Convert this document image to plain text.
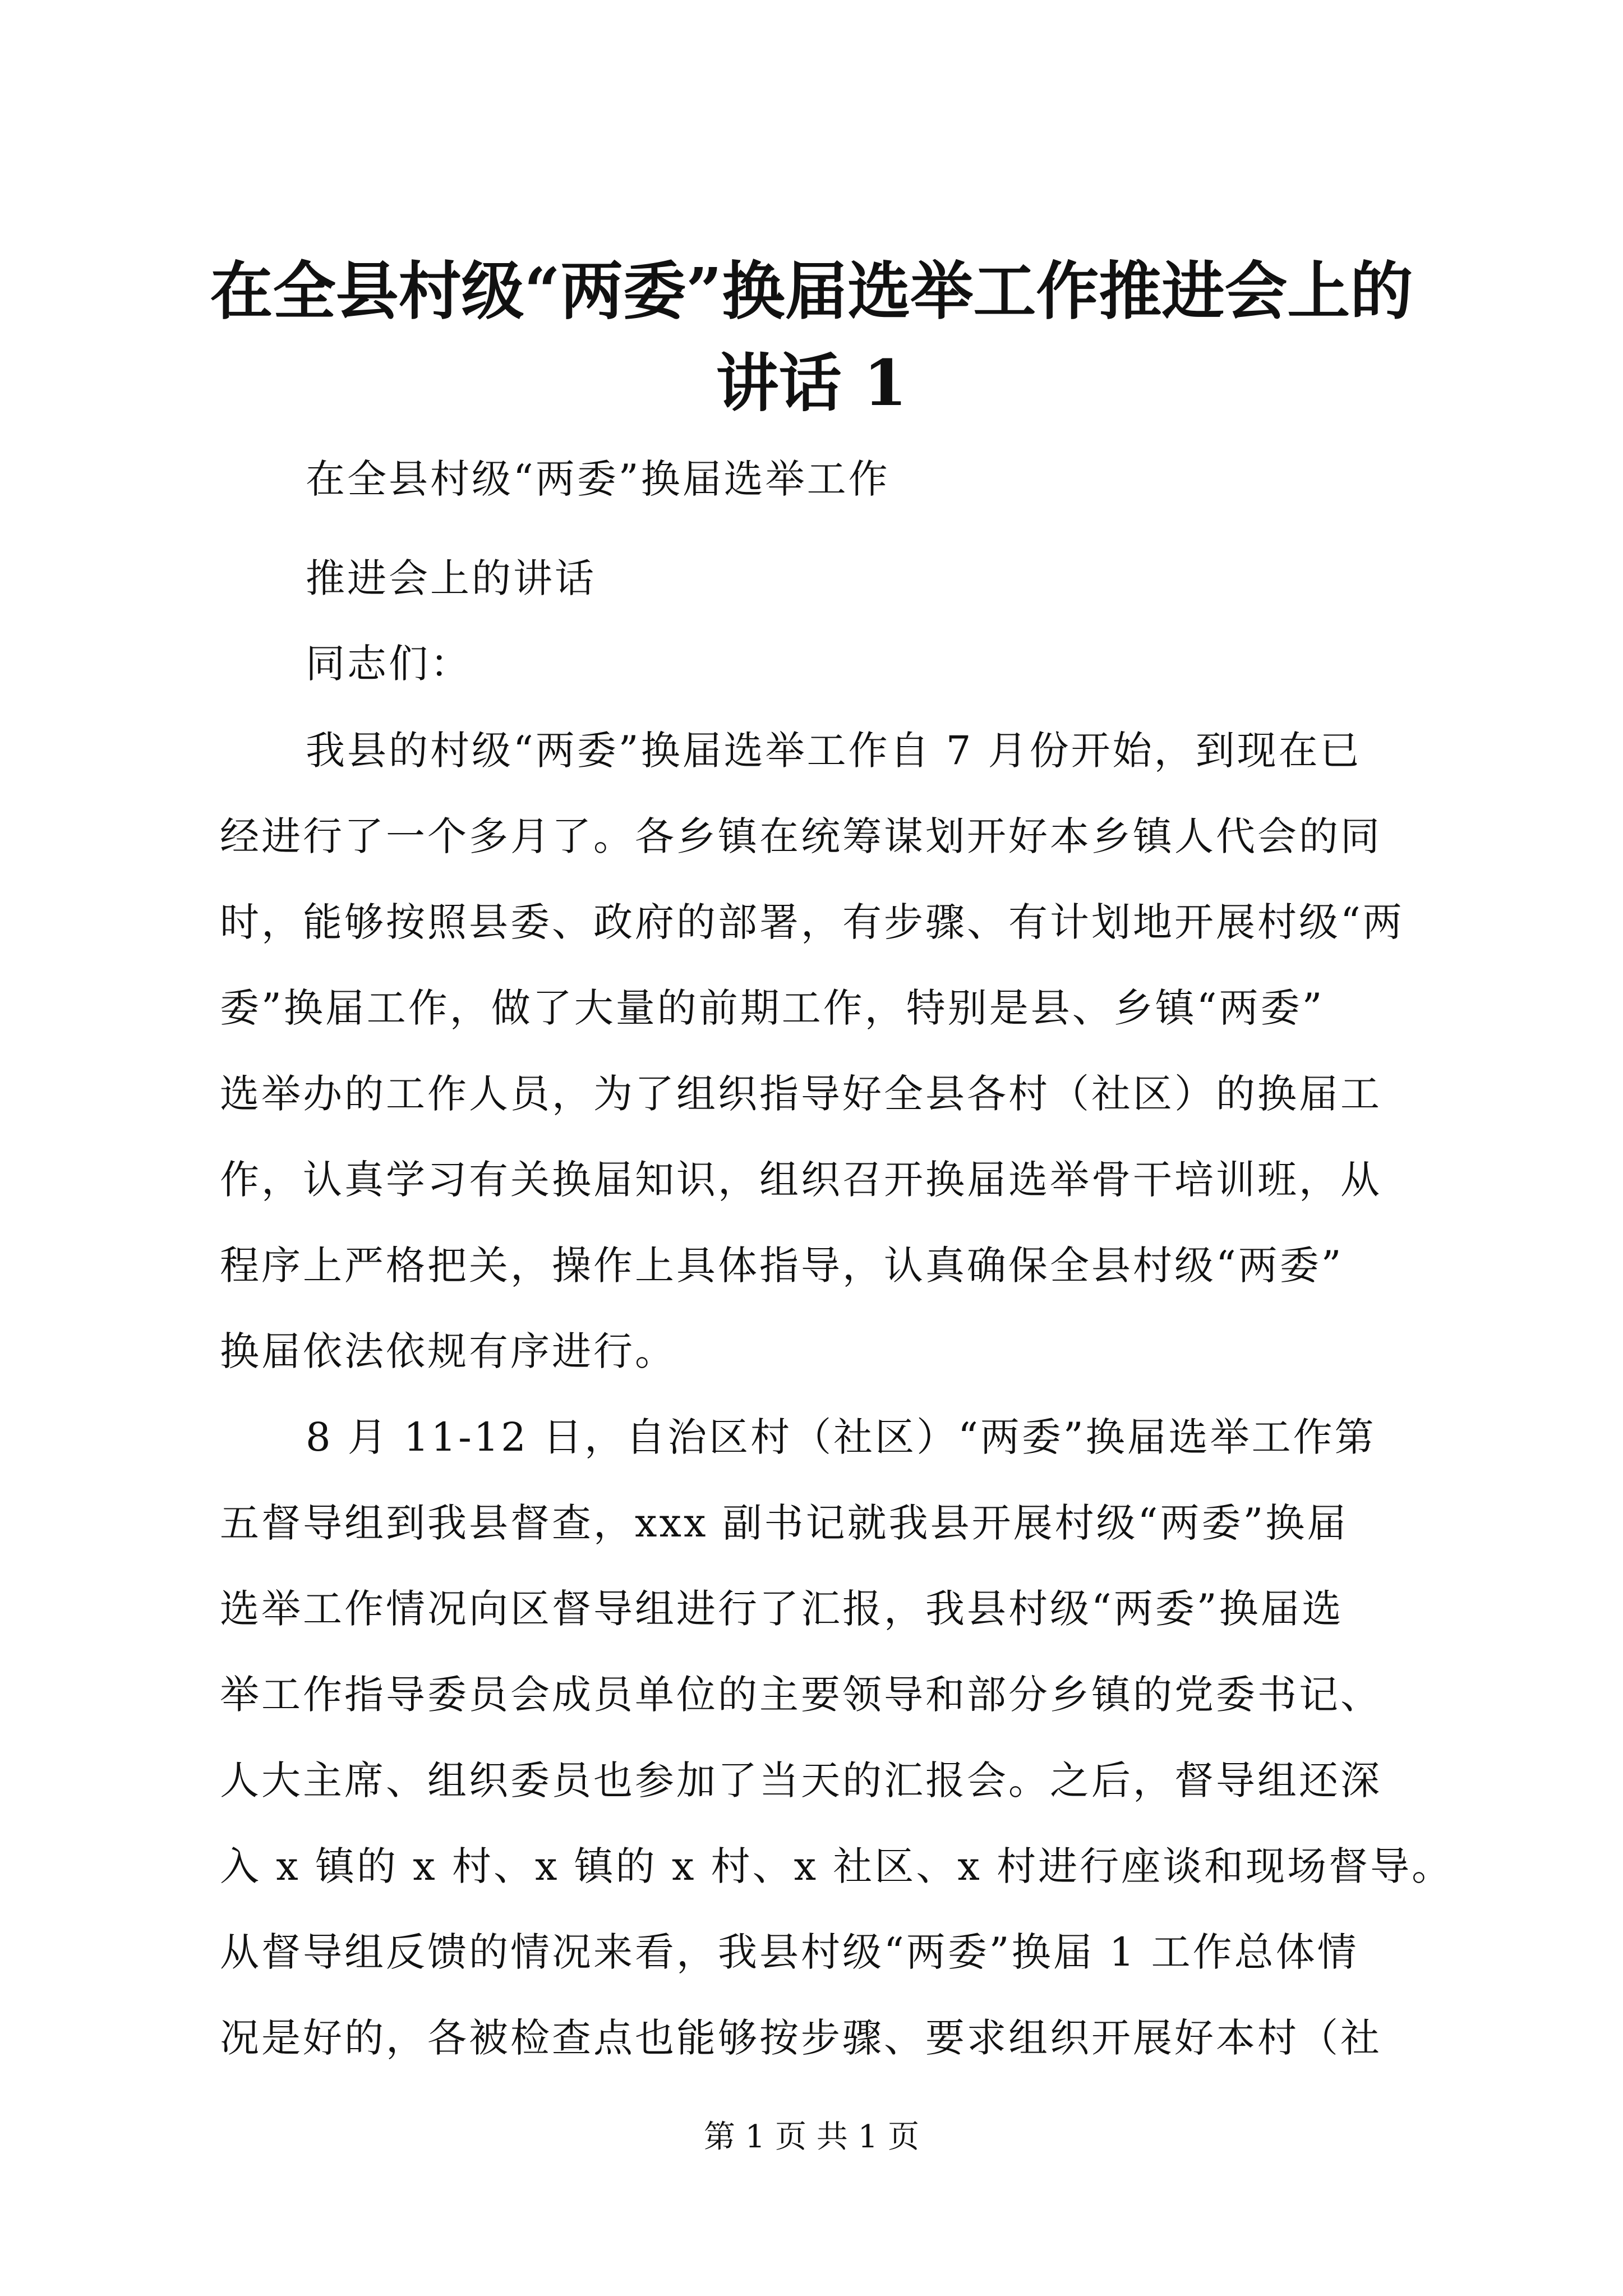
在全县村级“两委”换届选举工作推进会上的
讲话 1

在全县村级“两委”换届选举工作

推进会上的讲话

同志们：

我县的村级“两委”换届选举工作自 7 月份开始，到现在已

经进行了一个多月了。各乡镇在统筹谋划开好本乡镇人代会的同

时，能够按照县委、政府的部署，有步骤、有计划地开展村级“两

委”换届工作，做了大量的前期工作，特别是县、乡镇“两委”

选举办的工作人员，为了组织指导好全县各村（社区）的换届工

作，认真学习有关换届知识，组织召开换届选举骨干培训班，从

程序上严格把关，操作上具体指导，认真确保全县村级“两委”

换届依法依规有序进行。

8 月 11-12 日，自治区村（社区）“两委”换届选举工作第

五督导组到我县督查，xxx 副书记就我县开展村级“两委”换届

选举工作情况向区督导组进行了汇报，我县村级“两委”换届选

举工作指导委员会成员单位的主要领导和部分乡镇的党委书记、

人大主席、组织委员也参加了当天的汇报会。之后，督导组还深

入 x 镇的 x 村、x 镇的 x 村、x 社区、x 村进行座谈和现场督导。

从督导组反馈的情况来看，我县村级“两委”换届 1 工作总体情

况是好的，各被检查点也能够按步骤、要求组织开展好本村（社

第 1 页 共 1 页
